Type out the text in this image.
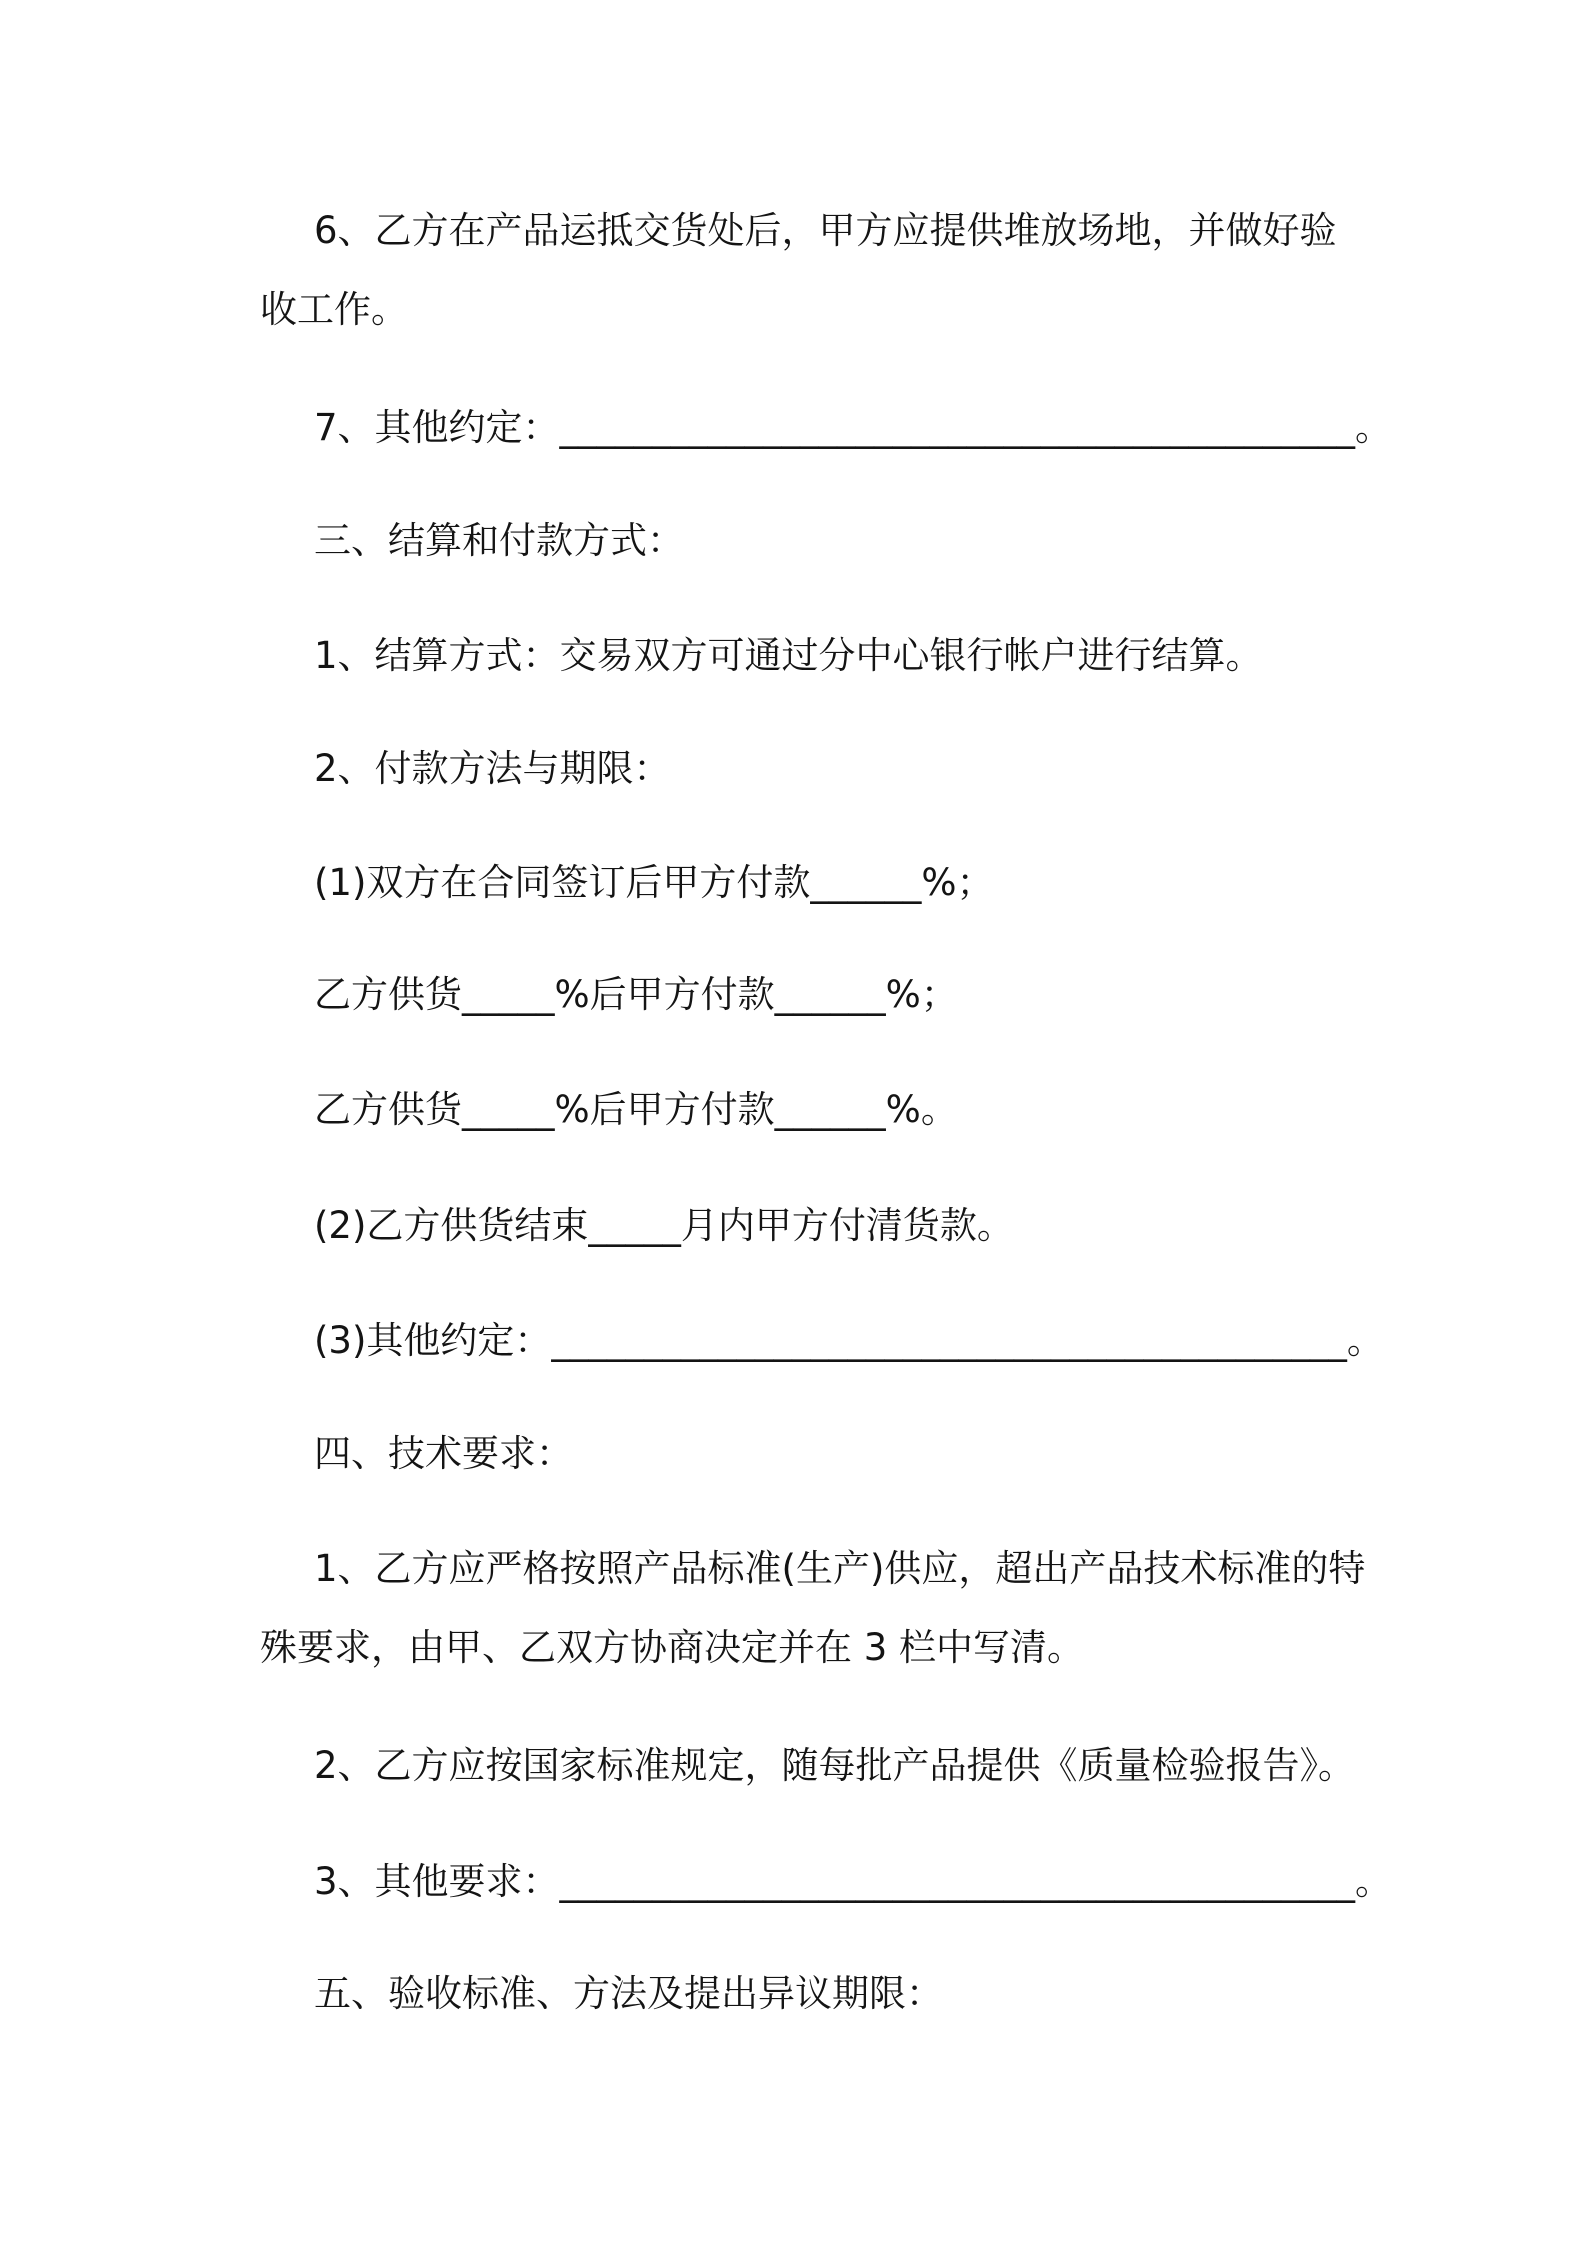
6、乙方在产品运抵交货处后，甲方应提供堆放场地，并做好验
收工作。
7、其他约定：___________________________________________。
三、结算和付款方式：
1、结算方式：交易双方可通过分中心银行帐户进行结算。
2、付款方法与期限：
(1)双方在合同签订后甲方付款______%；
乙方供货_____%后甲方付款______%；
乙方供货_____%后甲方付款______%。
(2)乙方供货结束_____月内甲方付清货款。
(3)其他约定：___________________________________________。
四、技术要求：
1、乙方应严格按照产品标准(生产)供应，超出产品技术标准的特
殊要求，由甲、乙双方协商决定并在 3 栏中写清。
2、乙方应按国家标准规定，随每批产品提供《质量检验报告》。
3、其他要求：___________________________________________。
五、验收标准、方法及提出异议期限：
